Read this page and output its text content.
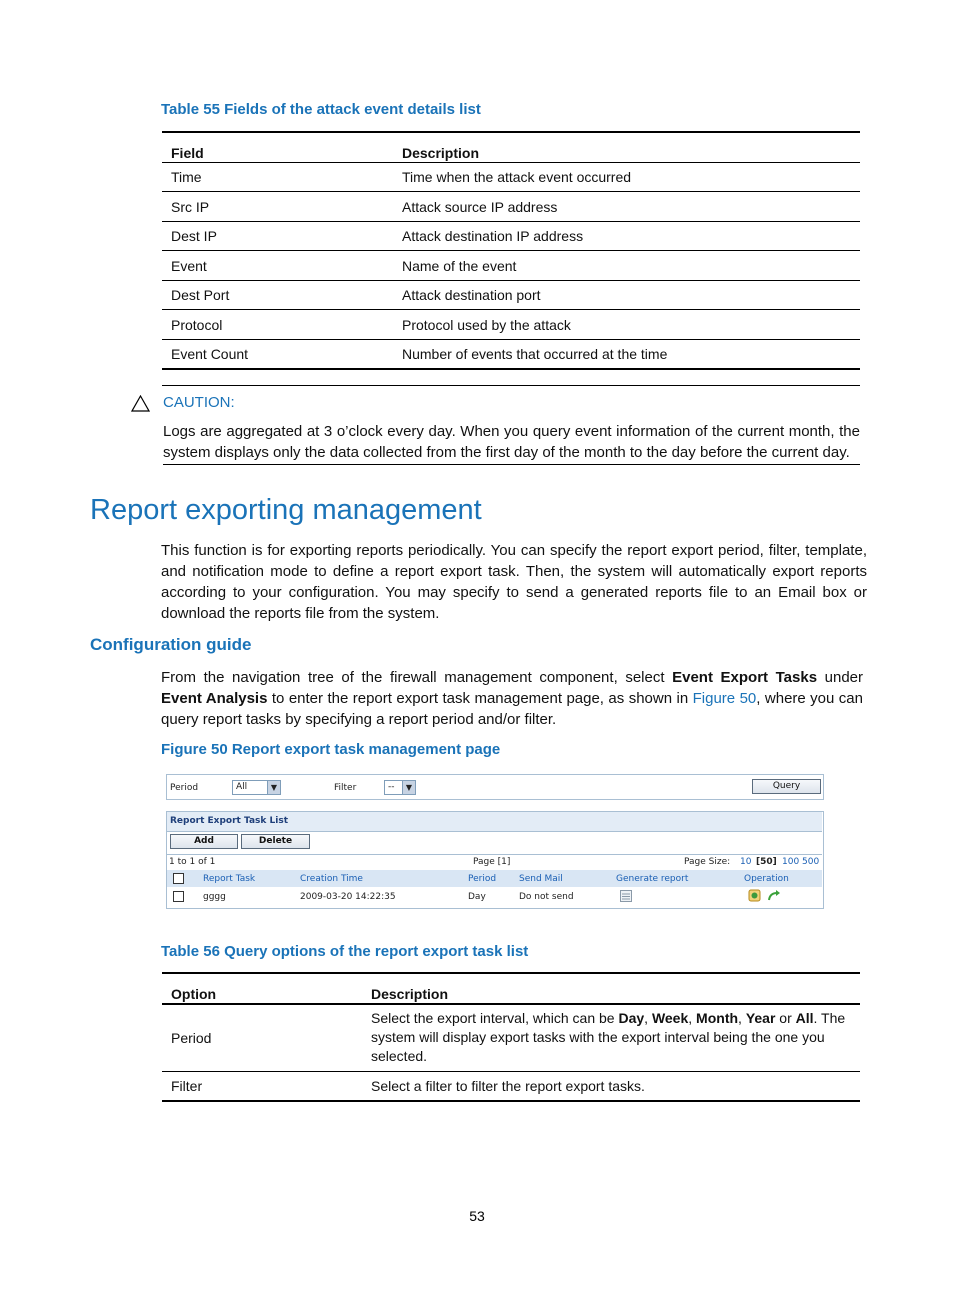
Table 55 Fields of the attack event details list
Field	Description
Time	Time when the attack event occurred
Src IP	Attack source IP address
Dest IP	Attack destination IP address
Event	Name of the event
Dest Port	Attack destination port
Protocol	Protocol used by the attack
Event Count	Number of events that occurred at the time
CAUTION:
Logs are aggregated at 3 o’clock every day. When you query event information of the current month, the system displays only the data collected from the first day of the month to the day before the current day.
Report exporting management
This function is for exporting reports periodically. You can specify the report export period, filter, template, and notification mode to define a report export task. Then, the system will automatically export reports according to your configuration. You may specify to send a generated reports file to an Email box or download the reports file from the system.
Configuration guide
From the navigation tree of the firewall management component, select Event Export Tasks under Event Analysis to enter the report export task management page, as shown in Figure 50, where you can query report tasks by specifying a report period and/or filter.
Figure 50 Report export task management page
Period	All	▼	Filter	--	▼	Query
Report Export Task List
Add	Delete
1 to 1 of 1	Page [1]	Page Size: 10 [50] 100 500
Report Task	Creation Time	Period	Send Mail	Generate report	Operation
gggg	2009-03-20 14:22:35	Day	Do not send
Table 56 Query options of the report export task list
Option	Description
Period	Select the export interval, which can be Day, Week, Month, Year or All. The system will display export tasks with the export interval being the one you selected.
Filter	Select a filter to filter the report export tasks.
53
